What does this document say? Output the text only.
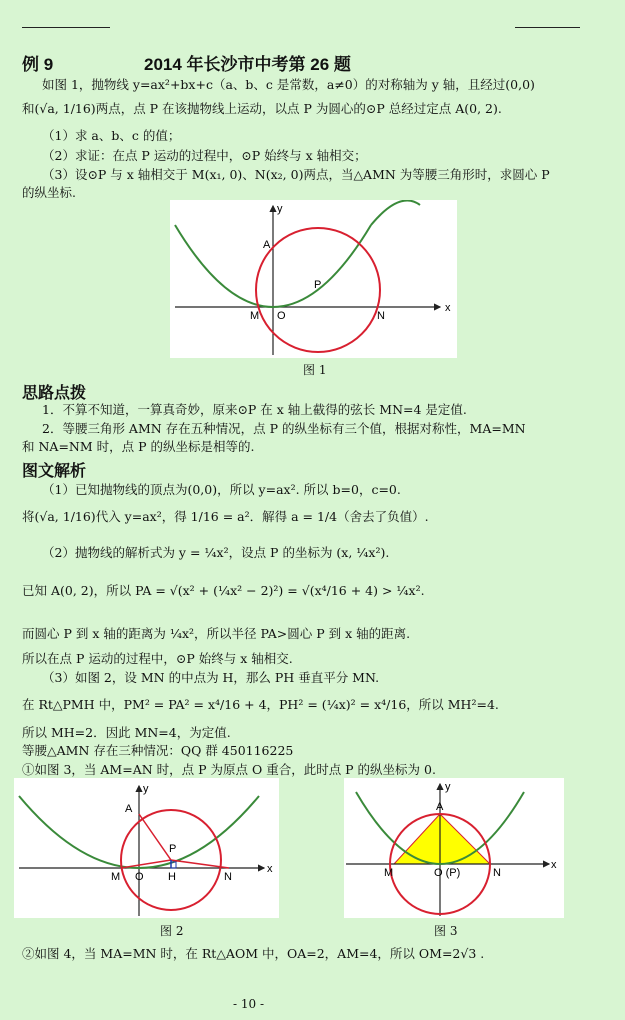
例 9	2014 年长沙市中考第 26 题
如图 1，抛物线 y=ax²+bx+c（a、b、c 是常数，a≠0）的对称轴为 y 轴，且经过(0,0)
和(√a, 1/16)两点，点 P 在该抛物线上运动，以点 P 为圆心的⊙P 总经过定点 A(0, 2).
（1）求 a、b、c 的值；
（2）求证：在点 P 运动的过程中，⊙P 始终与 x 轴相交；
（3）设⊙P 与 x 轴相交于 M(x₁, 0)、N(x₂, 0)两点，当△AMN 为等腰三角形时，求圆心 P
的纵坐标.
y
x
A
P
M O	N
图 1
思路点拨
1．不算不知道，一算真奇妙，原来⊙P 在 x 轴上截得的弦长 MN=4 是定值.
2．等腰三角形 AMN 存在五种情况，点 P 的纵坐标有三个值，根据对称性，MA=MN
和 NA=NM 时，点 P 的纵坐标是相等的.
图文解析
（1）已知抛物线的顶点为(0,0)，所以 y=ax². 所以 b=0，c=0.
将(√a, 1/16)代入 y=ax²，得 1/16 = a²．解得 a = 1/4（舍去了负值）.
（2）抛物线的解析式为 y = ¼x²，设点 P 的坐标为 (x, ¼x²).
已知 A(0, 2)，所以 PA = √(x² + (¼x² − 2)²) = √(x⁴/16 + 4) > ¼x².
而圆心 P 到 x 轴的距离为 ¼x²，所以半径 PA>圆心 P 到 x 轴的距离.
所以在点 P 运动的过程中，⊙P 始终与 x 轴相交.
（3）如图 2，设 MN 的中点为 H，那么 PH 垂直平分 MN.
在 Rt△PMH 中，PM² = PA² = x⁴/16 + 4，PH² = (¼x)² = x⁴/16，所以 MH²=4.
所以 MH=2．因此 MN=4，为定值.
等腰△AMN 存在三种情况：QQ 群 450116225
①如图 3，当 AM=AN 时，点 P 为原点 O 重合，此时点 P 的纵坐标为 0.
y
x
A
P
M O H	N
图 2
y
x
A
M	O (P)	N
图 3
②如图 4，当 MA=MN 时，在 Rt△AOM 中，OA=2，AM=4，所以 OM=2√3 .
- 10 -
